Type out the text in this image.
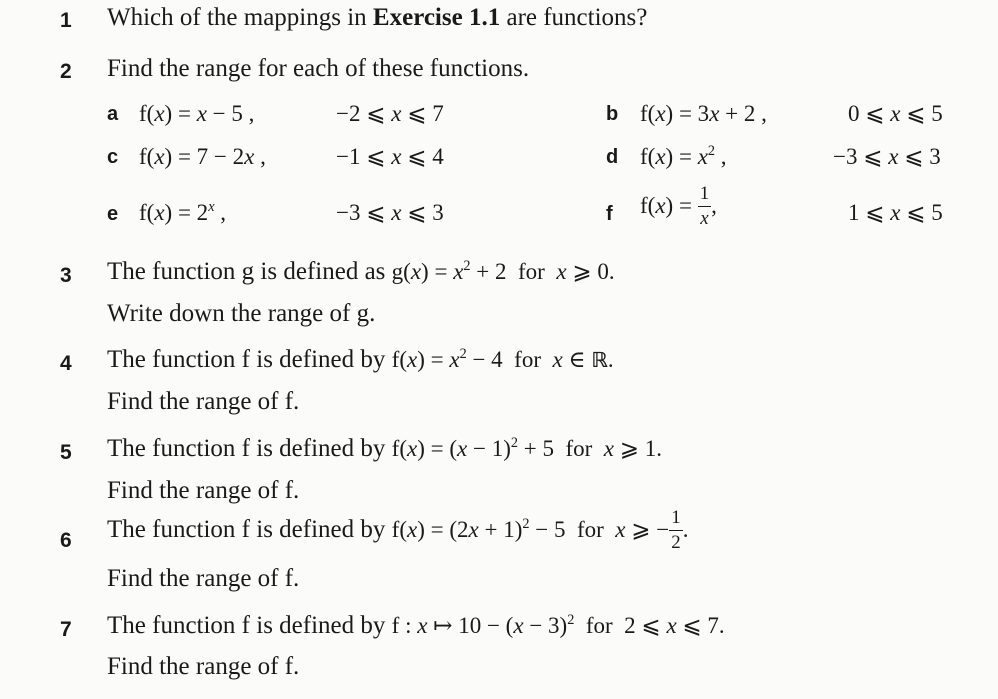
1 Which of the mappings in Exercise 1.1 are functions?
2 Find the range for each of these functions.
a f(x) = x − 5 ,	−2 ⩽ x ⩽ 7	b f(x) = 3x + 2 ,	0 ⩽ x ⩽ 5
c f(x) = 7 − 2x ,	−1 ⩽ x ⩽ 4	d $f(x) = x^2$ ,	−3 ⩽ x ⩽ 3
e $f(x) = 2^x$ ,	−3 ⩽ x ⩽ 3	f $f(x) = \frac{1}{x}$ ,	1 ⩽ x ⩽ 5
3 The function g is defined as $g(x) = x^2 + 2$ for x ⩾ 0.
Write down the range of g.
4 The function f is defined by $f(x) = x^2 - 4$ for x ∈ ℝ.
Find the range of f.
5 The function f is defined by $f(x) = (x - 1)^2 + 5$ for x ⩾ 1.
Find the range of f.
6 The function f is defined by $f(x) = (2x + 1)^2 - 5$ for x ⩾ − $\frac{1}{2}$ .
Find the range of f.
7 The function f is defined by f : x ↦ $10 - (x - 3)^2$ for 2 ⩽ x ⩽ 7.
Find the range of f.
